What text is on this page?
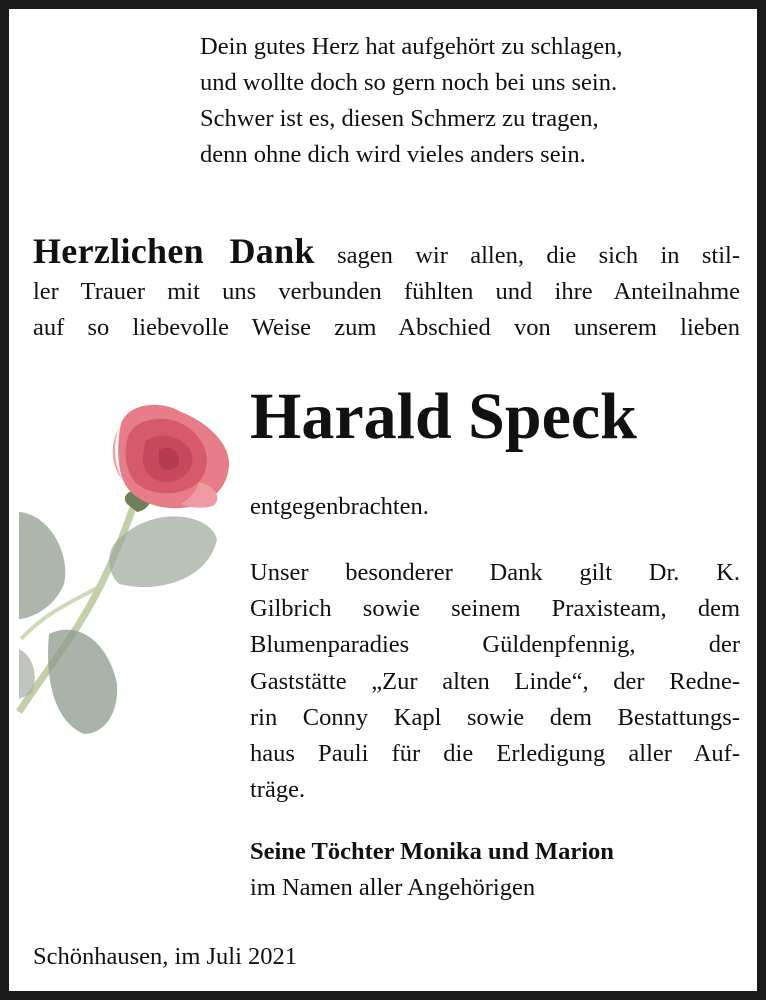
Dein gutes Herz hat aufgehört zu schlagen,
und wollte doch so gern noch bei uns sein.
Schwer ist es, diesen Schmerz zu tragen,
denn ohne dich wird vieles anders sein.
Herzlichen Dank sagen wir allen, die sich in stil-
ler Trauer mit uns verbunden fühlten und ihre Anteilnahme
auf so liebevolle Weise zum Abschied von unserem lieben
Harald Speck
entgegenbrachten.
Unser besonderer Dank gilt Dr. K.
Gilbrich sowie seinem Praxisteam, dem
Blumenparadies Güldenpfennig, der
Gaststätte „Zur alten Linde“, der Redne-
rin Conny Kapl sowie dem Bestattungs-
haus Pauli für die Erledigung aller Auf-
träge.
Seine Töchter Monika und Marion
im Namen aller Angehörigen
Schönhausen, im Juli 2021
